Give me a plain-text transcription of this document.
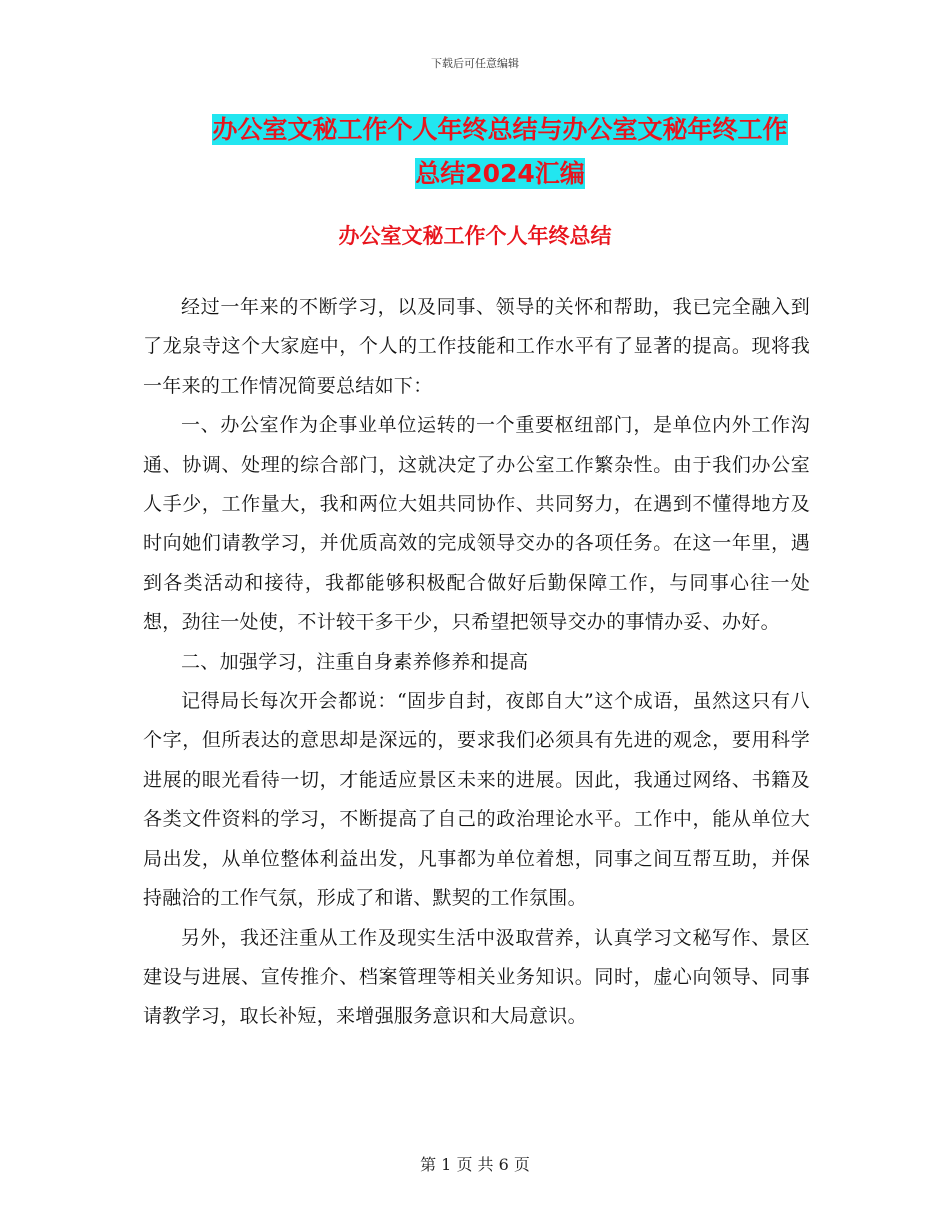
下载后可任意编辑
办公室文秘工作个人年终总结与办公室文秘年终工作
总结2024汇编
办公室文秘工作个人年终总结

经过一年来的不断学习，以及同事、领导的关怀和帮助，我已完全融入到了龙泉寺这个大家庭中，个人的工作技能和工作水平有了显著的提高。现将我一年来的工作情况简要总结如下：

一、办公室作为企事业单位运转的一个重要枢纽部门，是单位内外工作沟通、协调、处理的综合部门，这就决定了办公室工作繁杂性。由于我们办公室人手少，工作量大，我和两位大姐共同协作、共同努力，在遇到不懂得地方及时向她们请教学习，并优质高效的完成领导交办的各项任务。在这一年里，遇到各类活动和接待，我都能够积极配合做好后勤保障工作，与同事心往一处想，劲往一处使，不计较干多干少，只希望把领导交办的事情办妥、办好。

二、加强学习，注重自身素养修养和提高

记得局长每次开会都说：“固步自封，夜郎自大”这个成语，虽然这只有八个字，但所表达的意思却是深远的，要求我们必须具有先进的观念，要用科学进展的眼光看待一切，才能适应景区未来的进展。因此，我通过网络、书籍及各类文件资料的学习，不断提高了自己的政治理论水平。工作中，能从单位大局出发，从单位整体利益出发，凡事都为单位着想，同事之间互帮互助，并保持融洽的工作气氛，形成了和谐、默契的工作氛围。

另外，我还注重从工作及现实生活中汲取营养，认真学习文秘写作、景区建设与进展、宣传推介、档案管理等相关业务知识。同时，虚心向领导、同事请教学习，取长补短，来增强服务意识和大局意识。

第 1 页 共 6 页
